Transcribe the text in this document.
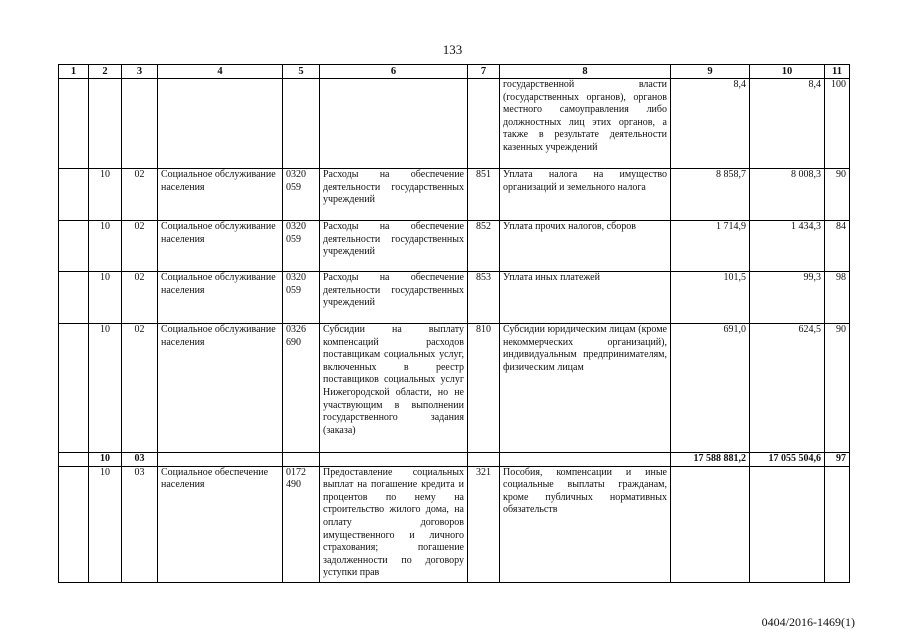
133
1	2	3	4	5	6	7	8	9	10	11
							государственной власти (государственных органов), органов местного самоуправления либо должностных лиц этих органов, а также в результате деятельности казенных учреждений	8,4	8,4	100
	10	02	Социальное обслуживание населения	0320 059	Расходы на обеспечение деятельности государственных учреждений	851	Уплата налога на имущество организаций и земельного налога	8 858,7	8 008,3	90
	10	02	Социальное обслуживание населения	0320 059	Расходы на обеспечение деятельности государственных учреждений	852	Уплата прочих налогов, сборов	1 714,9	1 434,3	84
	10	02	Социальное обслуживание населения	0320 059	Расходы на обеспечение деятельности государственных учреждений	853	Уплата иных платежей	101,5	99,3	98
	10	02	Социальное обслуживание населения	0326 690	Субсидии на выплату компенсаций расходов поставщикам социальных услуг, включенных в реестр поставщиков социальных услуг Нижегородской области, но не участвующим в выполнении государственного задания (заказа)	810	Субсидии юридическим лицам (кроме некоммерческих организаций), индивидуальным предпринимателям, физическим лицам	691,0	624,5	90
	10	03						17 588 881,2	17 055 504,6	97
	10	03	Социальное обеспечение населения	0172 490	Предоставление социальных выплат на погашение кредита и процентов по нему на строительство жилого дома, на оплату договоров имущественного и личного страхования; погашение задолженности по договору уступки прав	321	Пособия, компенсации и иные социальные выплаты гражданам, кроме публичных нормативных обязательств			
0404/2016-1469(1)
